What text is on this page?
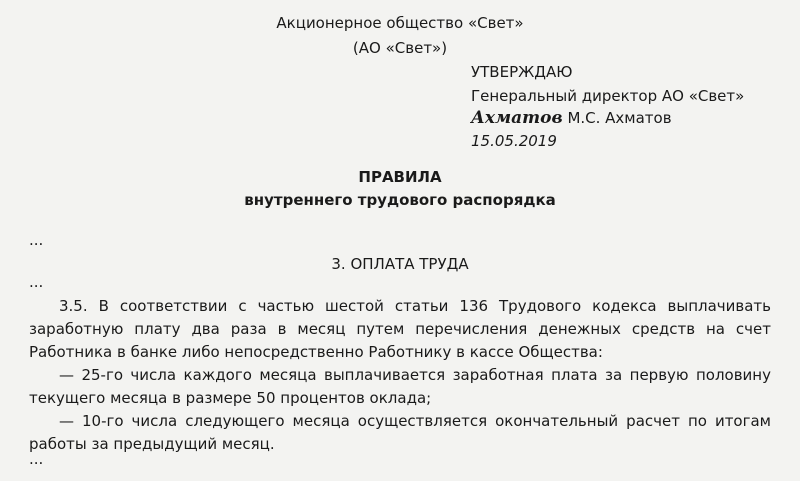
Акционерное общество «Свет»
(АО «Свет»)
УТВЕРЖДАЮ
Генеральный директор АО «Свет»
Ахматов М.С. Ахматов
15.05.2019
ПРАВИЛА
внутреннего трудового распорядка
...
3. ОПЛАТА ТРУДА
...
3.5. В соответствии с частью шестой статьи 136 Трудового кодекса выплачивать заработную плату два раза в месяц путем перечисления денежных средств на счет Работника в банке либо непосредственно Работнику в кассе Общества:
— 25-го числа каждого месяца выплачивается заработная плата за первую половину текущего месяца в размере 50 процентов оклада;
— 10-го числа следующего месяца осуществляется окончательный расчет по итогам работы за предыдущий месяц.
...
